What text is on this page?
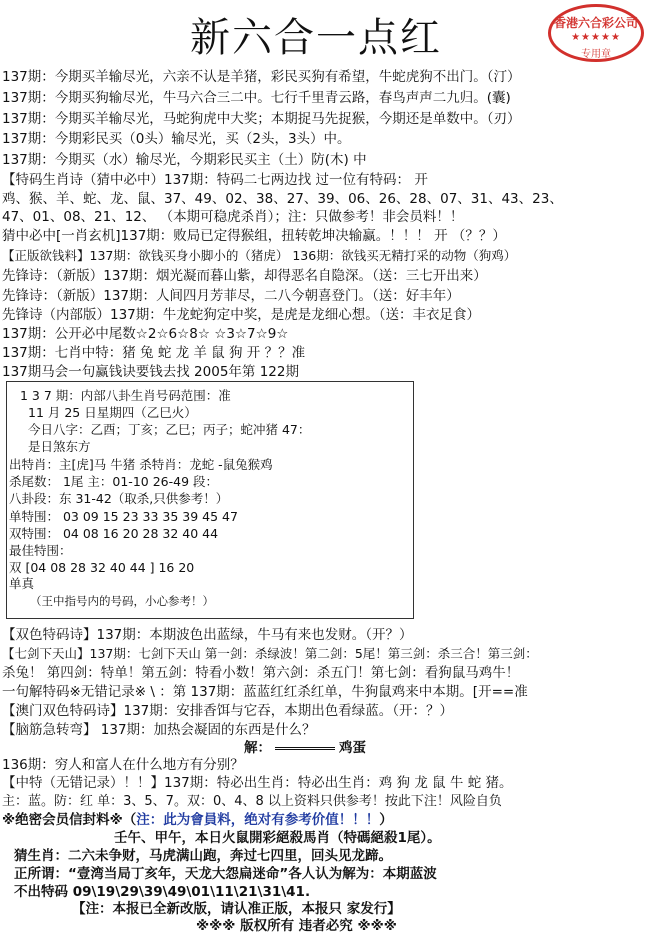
新六合一点红	香港六合彩公司
★★★★★
专用章
137期：今期买羊输尽光，六亲不认是羊猪，彩民买狗有希望，牛蛇虎狗不出门。（汀）
137期：今期买狗输尽光，牛马六合三二中。七行千里青云路，春鸟声声二九归。(囊)
137期：今期买羊输尽光，马蛇狗虎中大奖；本期捉马先捉猴，今期还是单数中。（刃）
137期：今期彩民买（0头）输尽光，买（2头，3头）中。
137期：今期买（水）输尽光，今期彩民买主（土）防(木) 中
【特码生肖诗（猜中必中）137期：特码二七两边找 过一位有特码： 开
鸡、猴、羊、蛇、龙、鼠、37、49、02、38、27、39、06、26、28、07、31、43、23、
47、01、08、21、12、 （本期可稳虎杀肖）；注：只做参考！非会员料！！
猜中必中[一肖玄机]137期：败局已定得猴组，扭转乾坤决输赢。！！！ 开 （？？）
【正版欲钱料】137期：欲钱买身小脚小的（猪虎） 136期：欲钱买无精打采的动物（狗鸡）
先锋诗：（新版）137期：烟光凝而暮山紫，却得恶名自隐深。（送：三七开出来）
先锋诗：（新版）137期：人间四月芳菲尽，二八今朝喜登门。（送：好丰年）
先锋诗（内部版）137期：牛龙蛇狗定中奖，是虎是龙细心想。（送：丰衣足食）
137期：公开必中尾数☆2☆6☆8☆ ☆3☆7☆9☆
137期：七肖中特：猪 兔 蛇 龙 羊 鼠 狗 开 ？？准
137期马会一句赢钱诀要钱去找 2005年第 122期
1 3 7 期：内部八卦生肖号码范围：准
11 月 25 日星期四（乙巳火）
今日八字：乙酉；丁亥；乙巳；丙子；蛇冲猪 47：
是日煞东方
出特肖：主[虎]马 牛猪 杀特肖：龙蛇 -鼠兔猴鸡
杀尾数： 1尾 主：01-10 26-49 段：
八卦段：东 31-42（取杀,只供参考！）
单特围： 03 09 15 23 33 35 39 45 47
双特围： 04 08 16 20 28 32 40 44
最佳特围：
双 [04 08 28 32 40 44 ] 16 20
单真
（王中指号内的号码，小心参考！）
【双色特码诗】137期：本期波色出蓝绿，牛马有来也发财。（开？）
【七剑下天山】137期：七剑下天山 第一剑：杀绿波！第二剑：5尾！第三剑：杀三合！第三剑：
杀兔！ 第四剑：特单！第五剑：特看小数！第六剑：杀五门！第七剑：看狗鼠马鸡牛！
一句解特码※无错记录※ \ ：第 137期：蓝蓝红红杀红单，牛狗鼠鸡来中本期。[开==准
【澳门双色特码诗】137期：安排香饵与它吞，本期出色看绿蓝。（开：？）
【脑筋急转弯】 137期：加热会凝固的东西是什么？
解：	鸡蛋
136期：穷人和富人在什么地方有分别？
【中特（无错记录）！！】137期：特必出生肖：特必出生肖：鸡 狗 龙 鼠 牛 蛇 猪。
主：蓝。防：红 单：3、5、7。双：0、4、8 以上资料只供参考！按此下注！风险自负
※绝密会员信封料※（注：此为會員料，绝对有参考价值！！！）
壬午、甲午，本日火鼠開彩絕殺馬肖（特碼絕殺1尾）。
猜生肖：二六未争财，马虎满山跑，奔过七四里，回头见龙蹄。
正所谓：“壹湾当局丁亥年，天龙大怨扁迷命”各人认为解为：本期蓝波
不出特码 09\19\29\39\49\01\11\21\31\41.
【注：本报已全新改版，请认准正版，本报只 家发行】
※※※ 版权所有 违者必究 ※※※
